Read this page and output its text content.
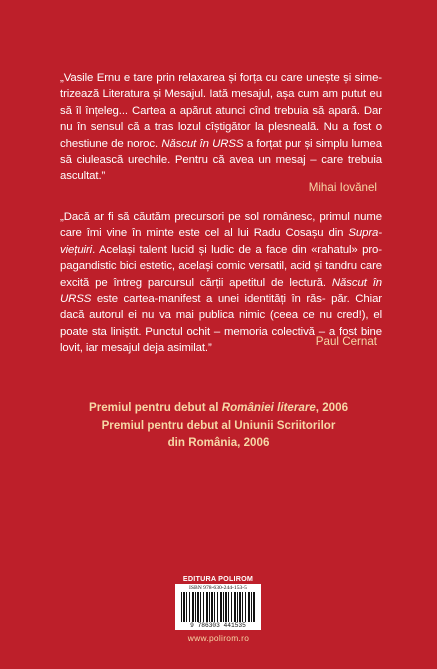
„Vasile Ernu e tare prin relaxarea și forța cu care unește și sime- trizează Literatura și Mesajul. Iată mesajul, așa cum am putut eu să îl înțeleg... Cartea a apărut atunci cînd trebuia să apară. Dar nu în sensul că a tras lozul cîștigător la plesneală. Nu a fost o chestiune de noroc. Născut în URSS a forțat pur și simplu lumea să ciulească urechile. Pentru că avea un mesaj – care trebuia ascultat.”

Mihai Iovănel

„Dacă ar fi să căutăm precursori pe sol românesc, primul nume care îmi vine în minte este cel al lui Radu Cosașu din Supra- viețuiri. Același talent lucid și ludic de a face din «rahatul» pro- pagandistic bici estetic, același comic versatil, acid și tandru care excită pe întreg parcursul cărții apetitul de lectură. Născut în URSS este cartea-manifest a unei identități în răs- păr. Chiar dacă autorul ei nu va mai publica nimic (ceea ce nu cred!), el poate sta liniștit. Punctul ochit – memoria colectivă – a fost bine lovit, iar mesajul deja asimilat.”

Paul Cernat
Premiul pentru debut al României literare, 2006
Premiul pentru debut al Uniunii Scriitorilor
din România, 2006
EDITURA POLIROM
ISBN 978-630-244-153-5
9 786303 441535
www.polirom.ro
